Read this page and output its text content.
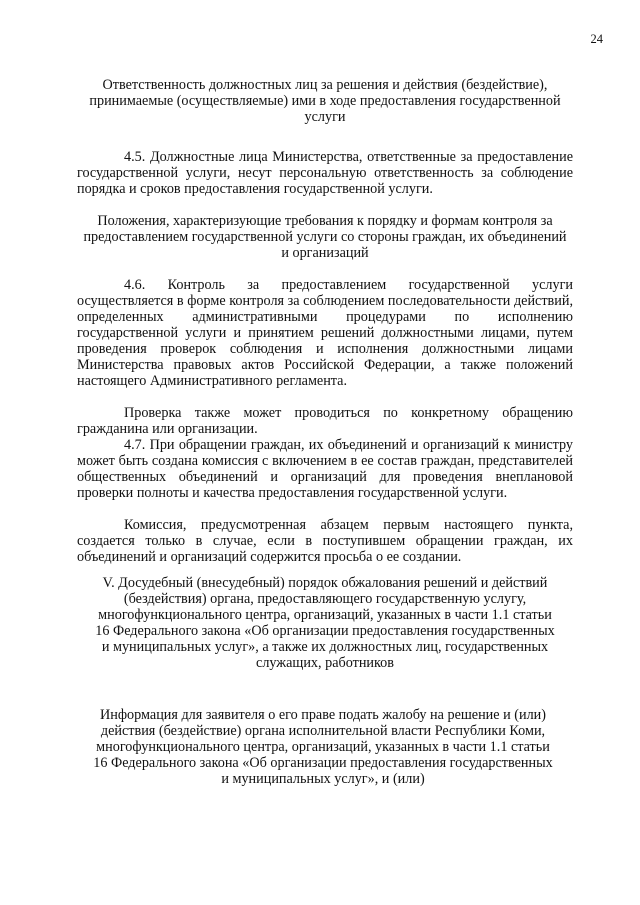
24
Ответственность должностных лиц за решения и действия (бездействие), принимаемые (осуществляемые) ими в ходе предоставления государственной услуги
4.5. Должностные лица Министерства, ответственные за предоставление государственной услуги, несут персональную ответственность за соблюдение порядка и сроков предоставления государственной услуги.
Положения, характеризующие требования к порядку и формам контроля за предоставлением государственной услуги со стороны граждан, их объединений и организаций
4.6. Контроль за предоставлением государственной услуги осуществляется в форме контроля за соблюдением последовательности действий, определенных административными процедурами по исполнению государственной услуги и принятием решений должностными лицами, путем проведения проверок соблюдения и исполнения должностными лицами Министерства правовых актов Российской Федерации, а также положений настоящего Административного регламента.
Проверка также может проводиться по конкретному обращению гражданина или организации.
4.7. При обращении граждан, их объединений и организаций к министру может быть создана комиссия с включением в ее состав граждан, представителей общественных объединений и организаций для проведения внеплановой проверки полноты и качества предоставления государственной услуги.
Комиссия, предусмотренная абзацем первым настоящего пункта, создается только в случае, если в поступившем обращении граждан, их объединений и организаций содержится просьба о ее создании.
V. Досудебный (внесудебный) порядок обжалования решений и действий (бездействия) органа, предоставляющего государственную услугу, многофункционального центра, организаций, указанных в части 1.1 статьи 16 Федерального закона «Об организации предоставления государственных и муниципальных услуг», а также их должностных лиц, государственных служащих, работников
Информация для заявителя о его праве подать жалобу на решение и (или) действия (бездействие) органа исполнительной власти Республики Коми, многофункционального центра, организаций, указанных в части 1.1 статьи 16 Федерального закона «Об организации предоставления государственных и муниципальных услуг», и (или)
